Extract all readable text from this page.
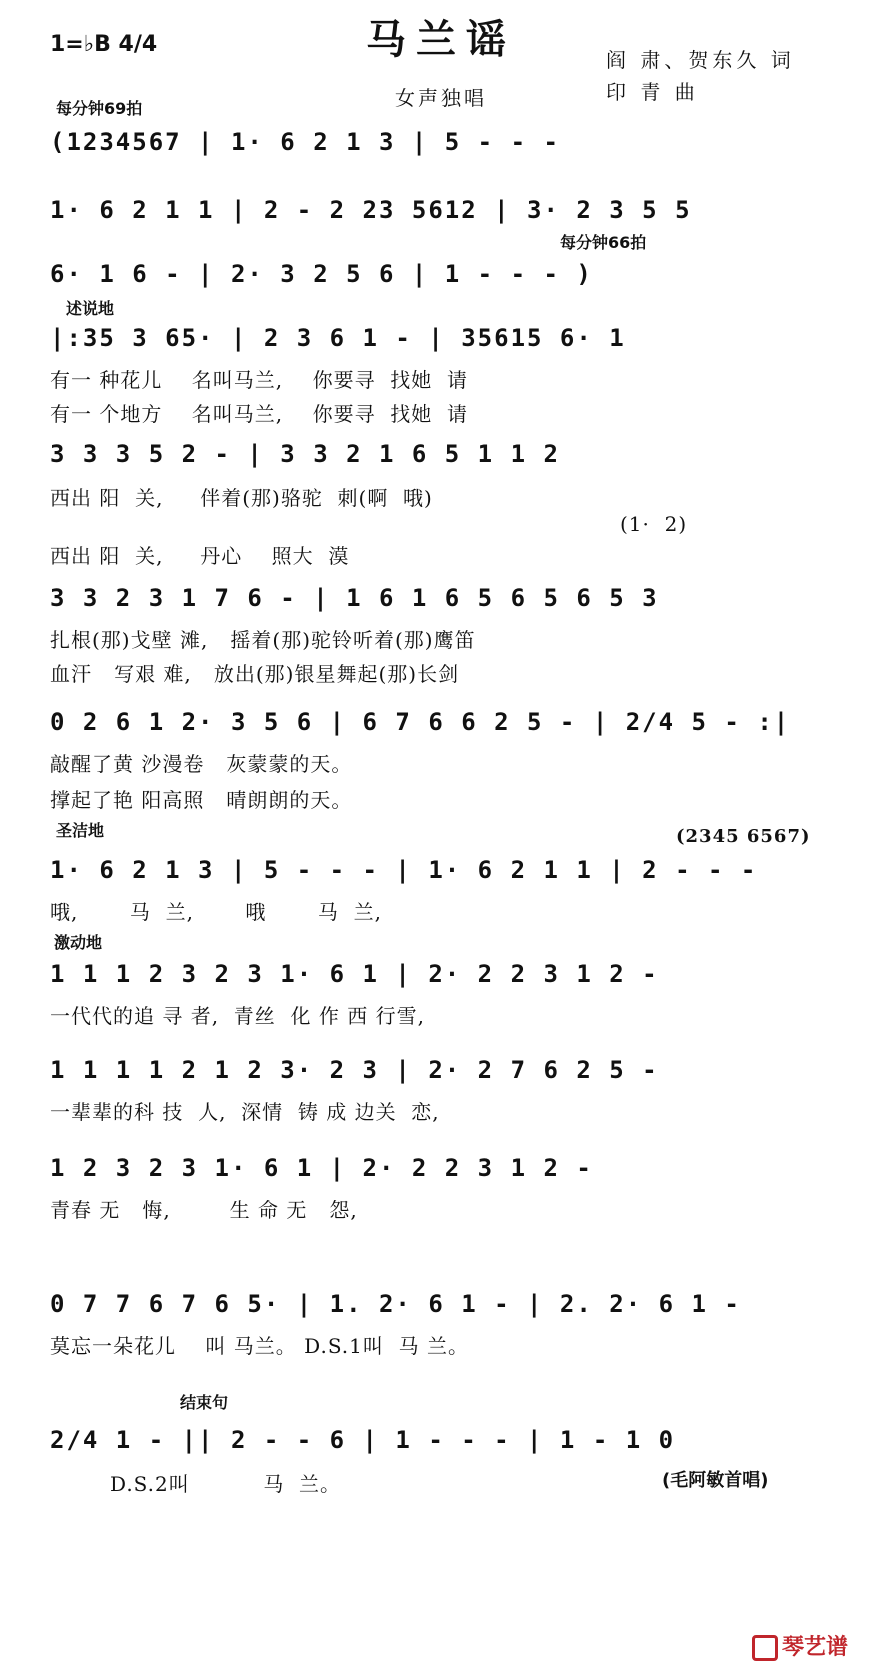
马兰谣
1=♭B 4/4
阎 肃、贺东久 词
印 青 曲
女声独唱
每分钟69拍
每分钟66拍
(1234567 | 1· 6 2 1 3 | 5 - - -
1· 6 2 1 1 | 2 - 2 23 5612 | 3· 2 3 5 5
6· 1 6 - | 2· 3 2 5 6 | 1 - - - )
述说地
|:35 3 65· | 2 3 6 1 - | 35615 6· 1
有一 种花儿    名叫马兰,    你要寻  找她  请
有一 个地方    名叫马兰,    你要寻  找她  请
3 3 3 5 2 - | 3 3 2 1 6 5 1 1 2
西出 阳  关,     伴着(那)骆驼  刺(啊  哦)
(1·  2)
西出 阳  关,     丹心    照大  漠
3 3 2 3 1 7 6 - | 1 6 1 6 5 6 5 6 5 3
扎根(那)戈壁 滩,   摇着(那)驼铃听着(那)鹰笛
血汗   写艰 难,   放出(那)银星舞起(那)长剑
0 2 6 1 2· 3 5 6 | 6 7 6 6 2 5 - | 2/4 5 - :|
敲醒了黄 沙漫卷   灰蒙蒙的天。
撑起了艳 阳高照   晴朗朗的天。
圣洁地	(2345 6567)
1· 6 2 1 3 | 5 - - - | 1· 6 2 1 1 | 2 - - -
哦,       马  兰,       哦       马  兰,
激动地
1 1 1 2 3 2 3 1· 6 1 | 2· 2 2 3 1 2 -
一代代的追 寻 者,  青丝  化 作 西 行雪,
1 1 1 1 2 1 2 3· 2 3 | 2· 2 7 6 2 5 -
一辈辈的科 技  人,  深情  铸 成 边关  恋,
1 2 3 2 3 1· 6 1 | 2· 2 2 3 1 2 -
青春 无   悔,        生 命 无   怨,
0 7 7 6 7 6 5· | 1. 2· 6 1 - | 2. 2· 6 1 -
莫忘一朵花儿    叫 马兰。 D.S.1叫  马 兰。
结束句
2/4 1 - || 2 - - 6 | 1 - - - | 1 - 1 0
D.S.2叫          马  兰。	(毛阿敏首唱)
琴艺谱
